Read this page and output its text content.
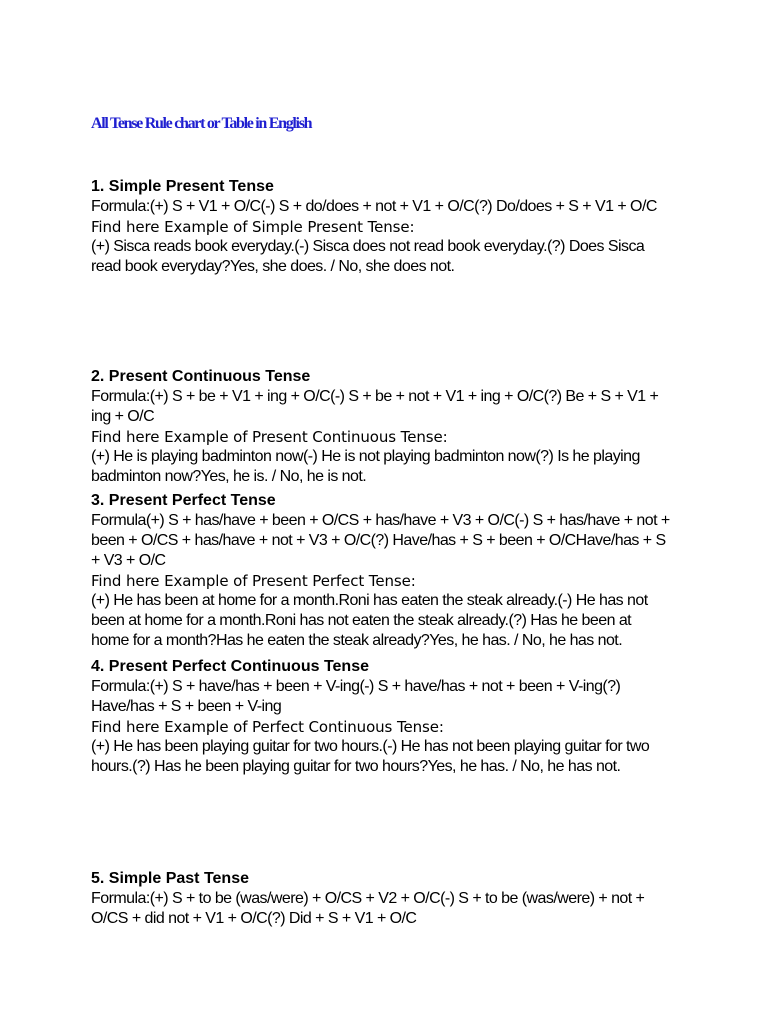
All Tense Rule chart or Table in English

1. Simple Present Tense

Formula:(+) S + V1 + O/C(-) S + do/does + not + V1 + O/C(?) Do/does + S + V1 + O/C

Find here Example of Simple Present Tense:

(+) Sisca reads book everyday.(-) Sisca does not read book everyday.(?) Does Sisca read book everyday?Yes, she does. / No, she does not.

2. Present Continuous Tense

Formula:(+) S + be + V1 + ing + O/C(-) S + be + not + V1 + ing + O/C(?) Be + S + V1 + ing + O/C

Find here Example of Present Continuous Tense:

(+) He is playing badminton now(-) He is not playing badminton now(?) Is he playing badminton now?Yes, he is. / No, he is not.

3. Present Perfect Tense

Formula(+) S + has/have + been + O/CS + has/have + V3 + O/C(-) S + has/have + not + been + O/CS + has/have + not + V3 + O/C(?) Have/has + S + been + O/CHave/has + S + V3 + O/C

Find here Example of Present Perfect Tense:

(+) He has been at home for a month.Roni has eaten the steak already.(-) He has not been at home for a month.Roni has not eaten the steak already.(?) Has he been at home for a month?Has he eaten the steak already?Yes, he has. / No, he has not.

4. Present Perfect Continuous Tense

Formula:(+) S + have/has + been + V-ing(-) S + have/has + not + been + V-ing(?) Have/has + S + been + V-ing

Find here Example of Perfect Continuous Tense:

(+) He has been playing guitar for two hours.(-) He has not been playing guitar for two hours.(?) Has he been playing guitar for two hours?Yes, he has. / No, he has not.

5. Simple Past Tense

Formula:(+) S + to be (was/were) + O/CS + V2 + O/C(-) S + to be (was/were) + not + O/CS + did not + V1 + O/C(?) Did + S + V1 + O/C
